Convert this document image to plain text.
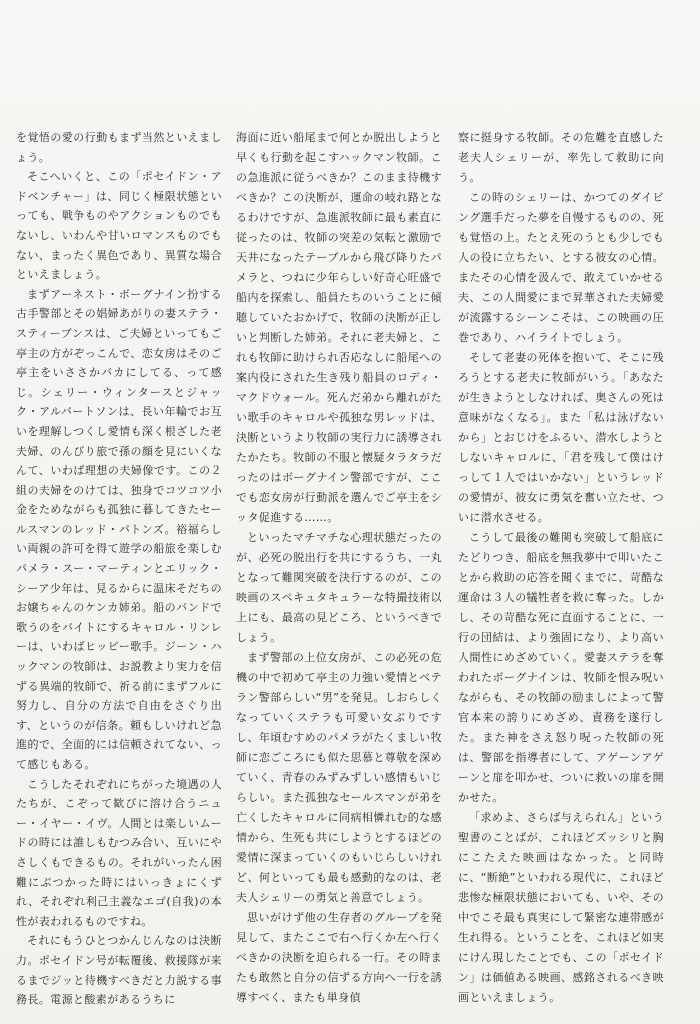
を覚悟の愛の行動もまず当然といえましょう。

そこへいくと、この「ポセイドン・アドベンチャー」は、同じく極限状態といっても、戦争ものやアクションものでもないし、いわんや甘いロマンスものでもない、まったく異色であり、異質な場合といえましょう。

まずアーネスト・ボーグナイン扮する古手警部とその娼婦あがりの妻ステラ・スティーブンスは、ご夫婦といってもご亭主の方がぞっこんで、恋女房はそのご亭主をいささかバカにしてる、って感じ。シェリー・ウィンタースとジャック・アルバートソンは、長い年輪でお互いを理解しつくし愛情も深く根ざした老夫婦、のんびり旅で孫の顔を見にいくなんて、いわば理想の夫婦像です。この２組の夫婦をのけては、独身でコツコツ小金をためながらも孤独に暮してきたセールスマンのレッド・バトンズ。裕福らしい両親の許可を得て遊学の船旅を楽しむパメラ・スー・マーティンとエリック・シーア少年は、見るからに温床そだちのお嬢ちゃんのケンカ姉弟。船のバンドで歌うのをバイトにするキャロル・リンレーは、いわばヒッピー歌手。ジーン・ハックマンの牧師は、お説教より実力を信ずる異端的牧師で、祈る前にまずフルに努力し、自分の方法で自由をさぐり出す、というのが信条。頼もしいけれど急進的で、全面的には信頼されてない、って感じもある。

こうしたそれぞれにちがった境遇の人たちが、こぞって歓びに溶け合うニュー・イヤー・イヴ。人間とは楽しいムードの時には誰しもむつみ合い、互いにやさしくもできるもの。それがいったん困難にぶつかった時にはいっきょにくずれ、それぞれ利己主義なエゴ(自我)の本性が表われるものですね。

それにもうひとつかんじんなのは決断力。ポセイドン号が転覆後、救援隊が来るまでジッと待機すべきだと力説する事務長。電源と酸素があるうちに

海面に近い船尾まで何とか脱出しようと早くも行動を起こすハックマン牧師。この急進派に従うべきか？このまま待機すべきか？この決断が、運命の岐れ路となるわけですが、急進派牧師に最も素直に従ったのは、牧師の突差の気転と激励で天井になったテーブルから飛び降りたパメラと、つねに少年らしい好奇心旺盛で船内を探索し、船員たちのいうことに傾聴していたおかげで、牧師の決断が正しいと判断した姉弟。それに老夫婦と、これも牧師に助けられ否応なしに船尾への案内役にされた生き残り船員のロディ・マクドウォール。死んだ弟から離れがたい歌手のキャロルや孤独な男レッドは、決断というより牧師の実行力に誘導されたかたち。牧師の不服と懐疑タラタラだったのはボーグナイン警部ですが、ここでも恋女房が行動派を選んでご亭主をシッタ促進する……。

といったマチマチな心理状態だったのが、必死の脱出行を共にするうち、一丸となって難関突破を決行するのが、この映画のスペキュタキュラーな特撮技術以上にも、最高の見どころ、というべきでしょう。

まず警部の上位女房が、この必死の危機の中で初めて亭主の力強い愛情とベテラン警部らしい“男”を発見。しおらしくなっていくステラも可愛い女ぶりですし、年頃むすめのパメラがたくましい牧師に恋ごころにも似た思慕と尊敬を深めていく、青春のみずみずしい感情もいじらしい。また孤独なセールスマンが弟を亡くしたキャロルに同病相憐れむ的な感情から、生死も共にしようとするほどの愛情に深まっていくのもいじらしいけれど、何といっても最も感動的なのは、老夫人シェリーの勇気と善意でしょう。

思いがけず他の生存者のグループを発見して、またここで右へ行くか左へ行くべきかの決断を迫られる一行。その時またも敢然と自分の信ずる方向へ一行を誘導すべく、またも単身偵

察に挺身する牧師。その危難を直感した老夫人シェリーが、率先して救助に向う。

この時のシェリーは、かつてのダイビング選手だった夢を自慢するものの、死も覚悟の上。たとえ死のうとも少しでも人の役に立ちたい、とする彼女の心情。またその心情を汲んで、敢えていかせる夫、この人間愛にまで昇華された夫婦愛が流露するシーンこそは、この映画の圧巻であり、ハイライトでしょう。

そして老妻の死体を抱いて、そこに残ろうとする老夫に牧師がいう。「あなたが生きようとしなければ、奥さんの死は意味がなくなる」。また「私は泳げないから」とおじけをふるい、潜水しようとしないキャロルに、「君を残して僕はけっして１人ではいかない」というレッドの愛情が、彼女に勇気を奮い立たせ、ついに潜水させる。

こうして最後の難関も突破して船底にたどりつき、船底を無我夢中で叩いたことから救助の応答を聞くまでに、苛酷な運命は３人の犠牲者を救に奪った。しかし、その苛酷な死に直面することに、一行の団結は、より強固になり、より高い人間性にめざめていく。愛妻ステラを奪われたボーグナインは、牧師を恨み呪いながらも、その牧師の励ましによって警官本来の誇りにめざめ、責務を遂行した。また神をさえ怒り呪った牧師の死は、警部を指導者にして、アゲーンアゲーンと扉を叩かせ、ついに救いの扉を開かせた。

「求めよ、さらば与えられん」という聖書のことばが、これほどズッシリと胸にこたえた映画はなかった。と同時に、“断絶”といわれる現代に、これほど悲惨な極限状態においても、いや、その中でこそ最も真実にして緊密な連帯感が生れ得る。ということを、これほど如実にけん現したことでも、この「ポセイドン」は価値ある映画、感銘されるべき映画といえましょう。
